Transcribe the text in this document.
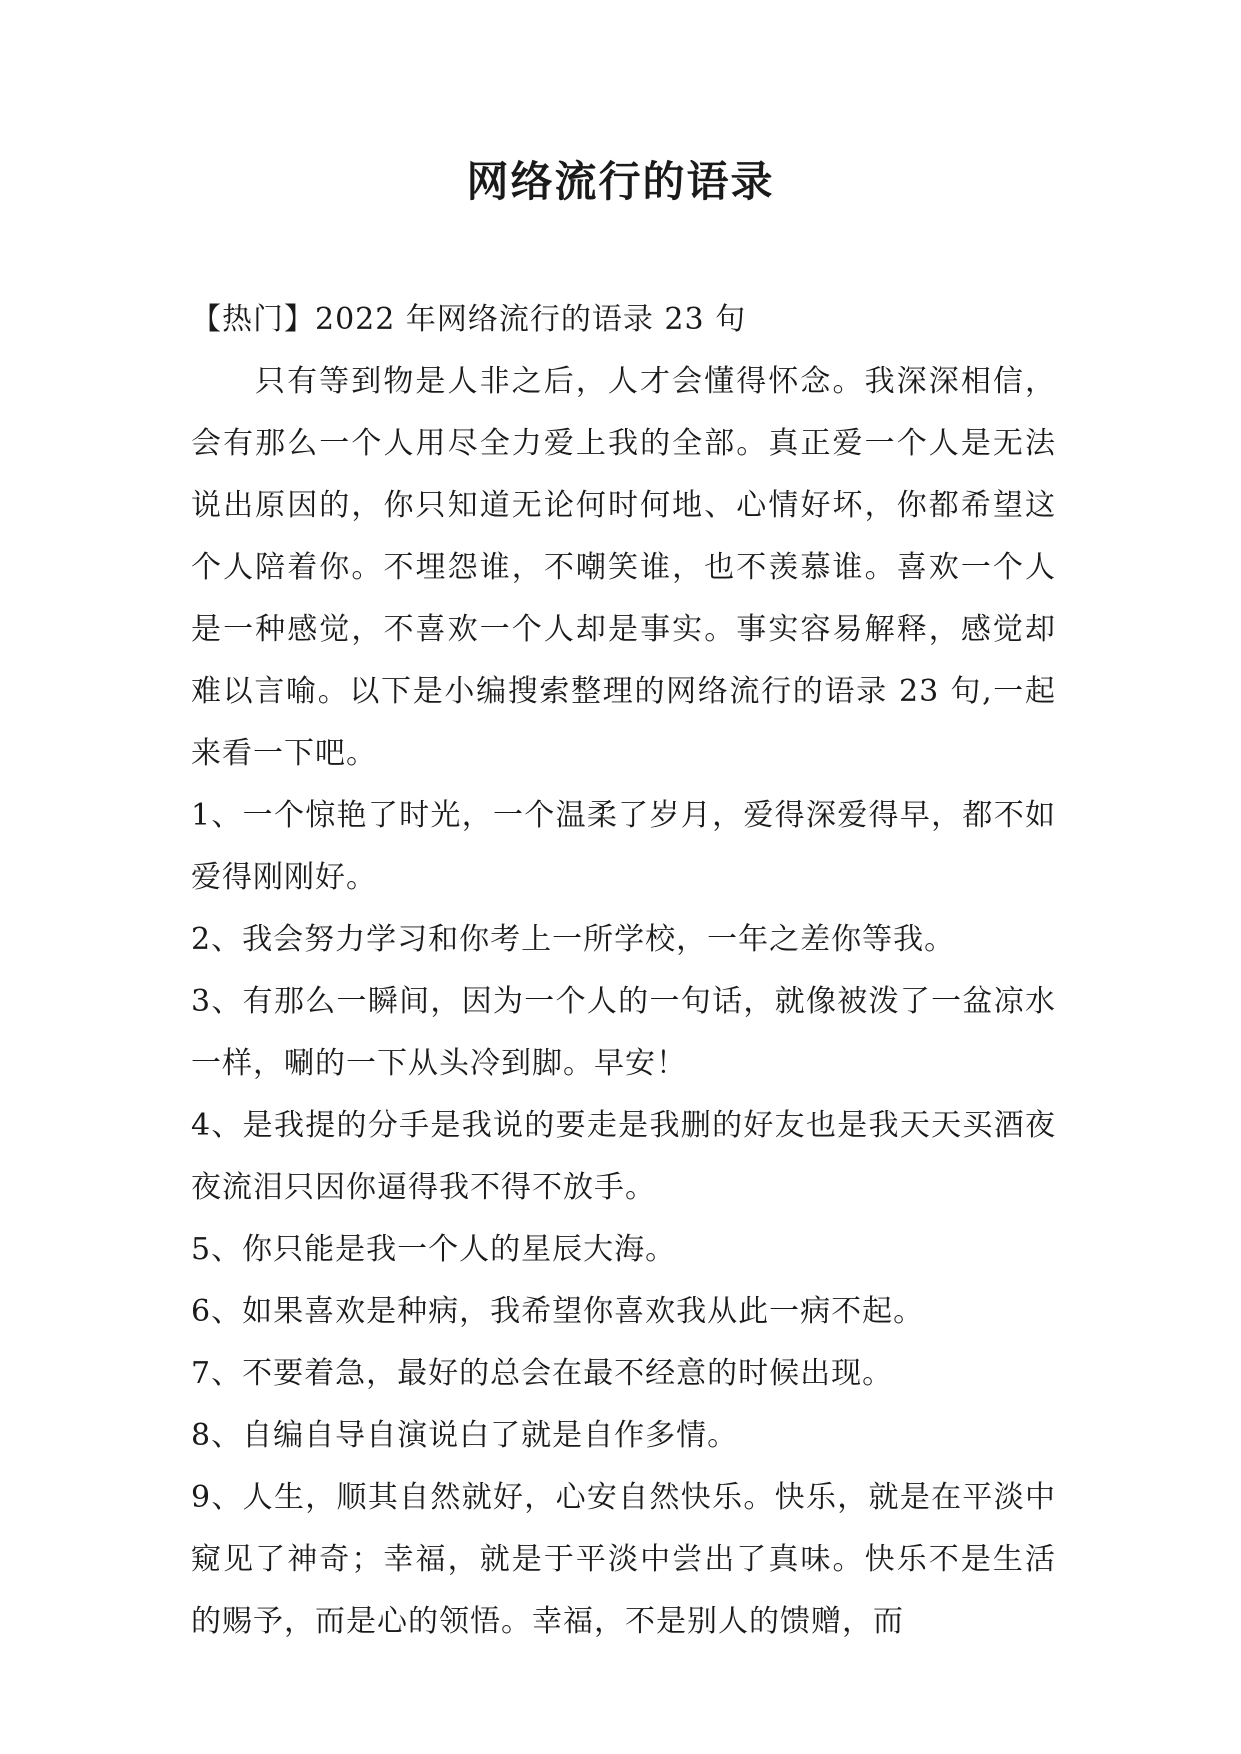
网络流行的语录

【热门】2022 年网络流行的语录 23 句

只有等到物是人非之后，人才会懂得怀念。我深深相信，会有那么一个人用尽全力爱上我的全部。真正爱一个人是无法说出原因的，你只知道无论何时何地、心情好坏，你都希望这个人陪着你。不埋怨谁，不嘲笑谁，也不羡慕谁。喜欢一个人是一种感觉，不喜欢一个人却是事实。事实容易解释，感觉却难以言喻。以下是小编搜索整理的网络流行的语录 23 句,一起来看一下吧。

1、一个惊艳了时光，一个温柔了岁月，爱得深爱得早，都不如爱得刚刚好。

2、我会努力学习和你考上一所学校，一年之差你等我。

3、有那么一瞬间，因为一个人的一句话，就像被泼了一盆凉水一样，唰的一下从头冷到脚。早安！

4、是我提的分手是我说的要走是我删的好友也是我天天买酒夜夜流泪只因你逼得我不得不放手。

5、你只能是我一个人的星辰大海。

6、如果喜欢是种病，我希望你喜欢我从此一病不起。

7、不要着急，最好的总会在最不经意的时候出现。

8、自编自导自演说白了就是自作多情。

9、人生，顺其自然就好，心安自然快乐。快乐，就是在平淡中窥见了神奇；幸福，就是于平淡中尝出了真味。快乐不是生活的赐予，而是心的领悟。幸福，不是别人的馈赠，而
